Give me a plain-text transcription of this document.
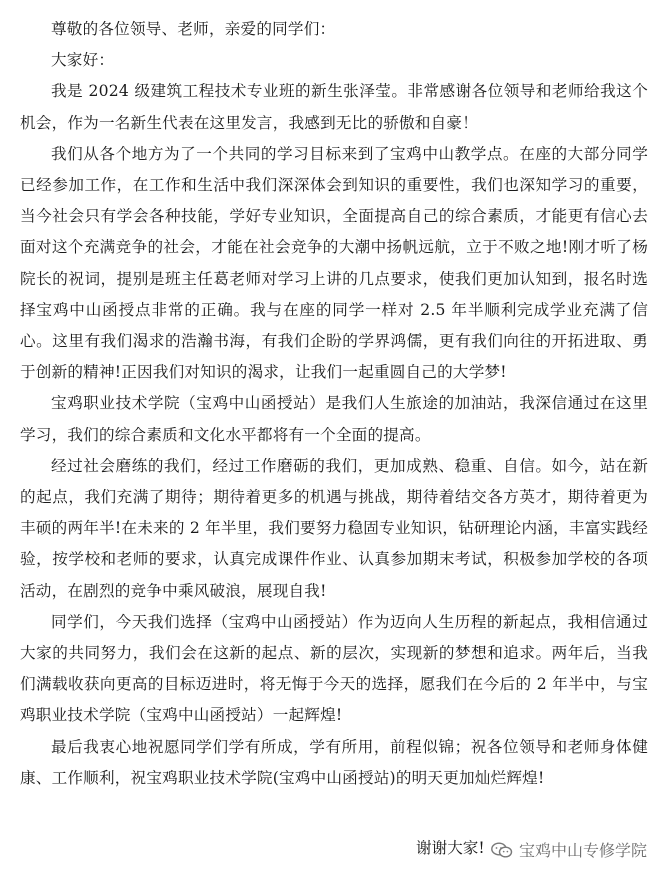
尊敬的各位领导、老师，亲爱的同学们：

大家好：

我是 2024 级建筑工程技术专业班的新生张泽莹。非常感谢各位领导和老师给我这个机会，作为一名新生代表在这里发言，我感到无比的骄傲和自豪！

我们从各个地方为了一个共同的学习目标来到了宝鸡中山教学点。在座的大部分同学已经参加工作，在工作和生活中我们深深体会到知识的重要性，我们也深知学习的重要，当今社会只有学会各种技能，学好专业知识，全面提高自己的综合素质，才能更有信心去面对这个充满竞争的社会，才能在社会竞争的大潮中扬帆远航，立于不败之地!刚才听了杨院长的祝词，提别是班主任葛老师对学习上讲的几点要求，使我们更加认知到，报名时选择宝鸡中山函授点非常的正确。我与在座的同学一样对 2.5 年半顺利完成学业充满了信心。这里有我们渴求的浩瀚书海，有我们企盼的学界鸿儒，更有我们向往的开拓进取、勇于创新的精神!正因我们对知识的渴求，让我们一起重圆自己的大学梦!

宝鸡职业技术学院（宝鸡中山函授站）是我们人生旅途的加油站，我深信通过在这里学习，我们的综合素质和文化水平都将有一个全面的提高。

经过社会磨练的我们，经过工作磨砺的我们，更加成熟、稳重、自信。如今，站在新的起点，我们充满了期待；期待着更多的机遇与挑战，期待着结交各方英才，期待着更为丰硕的两年半!在未来的 2 年半里，我们要努力稳固专业知识，钻研理论内涵，丰富实践经验，按学校和老师的要求，认真完成课件作业、认真参加期末考试，积极参加学校的各项活动，在剧烈的竞争中乘风破浪，展现自我!

同学们，今天我们选择（宝鸡中山函授站）作为迈向人生历程的新起点，我相信通过大家的共同努力，我们会在这新的起点、新的层次，实现新的梦想和追求。两年后，当我们满载收获向更高的目标迈进时，将无悔于今天的选择，愿我们在今后的 2 年半中，与宝鸡职业技术学院（宝鸡中山函授站）一起辉煌!

最后我衷心地祝愿同学们学有所成，学有所用，前程似锦；祝各位领导和老师身体健康、工作顺利，祝宝鸡职业技术学院(宝鸡中山函授站)的明天更加灿烂辉煌!

谢谢大家! 宝鸡中山专修学院
